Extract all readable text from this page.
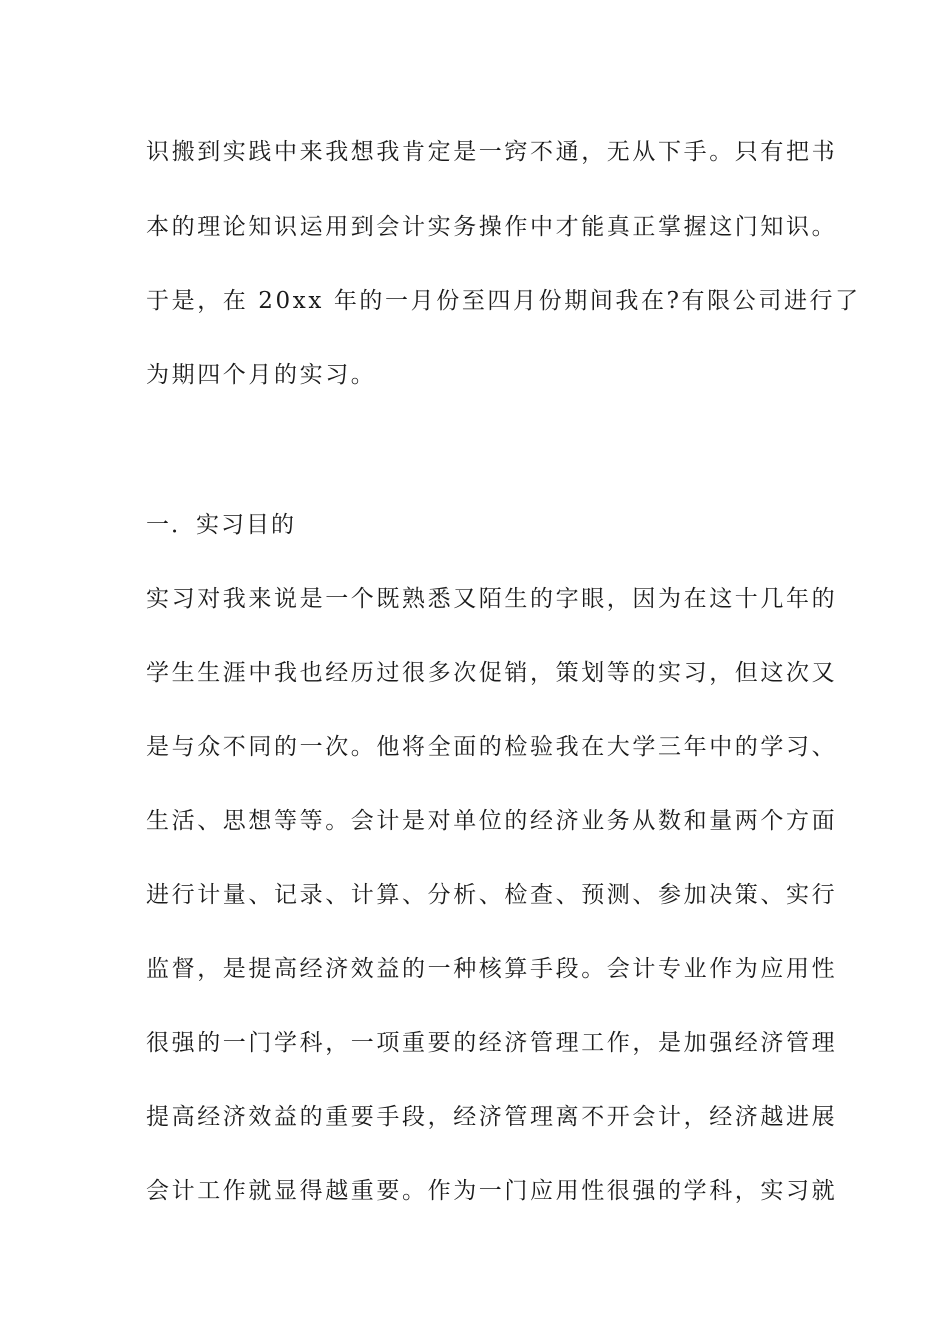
识搬到实践中来我想我肯定是一窍不通，无从下手。只有把书
本的理论知识运用到会计实务操作中才能真正掌握这门知识。
于是，在 20xx 年的一月份至四月份期间我在?有限公司进行了
为期四个月的实习。
一．实习目的
实习对我来说是一个既熟悉又陌生的字眼，因为在这十几年的
学生生涯中我也经历过很多次促销，策划等的实习，但这次又
是与众不同的一次。他将全面的检验我在大学三年中的学习、
生活、思想等等。会计是对单位的经济业务从数和量两个方面
进行计量、记录、计算、分析、检查、预测、参加决策、实行
监督，是提高经济效益的一种核算手段。会计专业作为应用性
很强的一门学科，一项重要的经济管理工作，是加强经济管理
提高经济效益的重要手段，经济管理离不开会计，经济越进展
会计工作就显得越重要。作为一门应用性很强的学科，实习就
